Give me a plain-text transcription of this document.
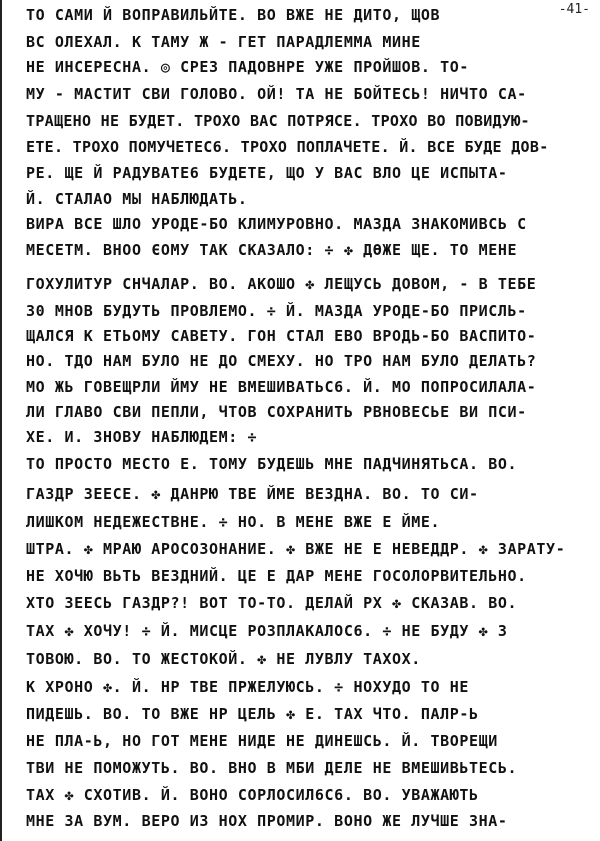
-41-
ТО САМИ Й ВОПРАВИЛЬЙТЕ. ВО ВЖЕ НЕ ДИТО, ЩОВ
ВС ОЛЕХАЛ. К ТАМУ Ж - ГЕТ ПАРАДЛЕММА МИНЕ
НЕ ИНСЕРЕСНА. ◎ СРЕЗ ПАДОВНРЕ УЖЕ ПРОЙШОВ. ТО-
МУ - МАСТИТ СВИ ГОЛОВО. ОЙ! ТА НЕ БОЙТЕСЬ! НИЧТО СА-
ТРАЩЕНО НЕ БУДЕТ. ТРОХО ВАС ПОТРЯСЕ. ТРОХО ВО ПОВИДУЮ-
ЕТЕ. ТРОХО ПОМУЧЕТЕС6. ТРОХО ПОПЛАЧЕТЕ. Й. ВСЕ БУДЕ ДОВ-
РЕ. ЩЕ Й РАДУВАТЕ6 БУДЕТЕ, ЩО У ВАС ВЛО ЦЕ ИСПЫТА-
Й. СТАЛАО МЫ НАБЛЮДАТЬ.
ВИРА ВСЕ ШЛО УРОДЕ-БО КЛИМУРОВНО. МАЗДА ЗНАКОМИВСЬ С
МЕСЕТМ. ВНОО ЄОМУ ТАК СКАЗАЛО: ÷ ✤ ДӨЖЕ ЩЕ. ТО МЕНЕ
ГОХУЛИТУР СНЧАЛАР. ВО. АКОШО ✤ ЛЕЩУСЬ ДОВОМ, - В ТЕБЕ
30 МНОВ БУДУТЬ ПРОВЛЕМО. ÷ Й. МАЗДА УРОДЕ-БО ПРИСЛЬ-
ЩАЛСЯ К ЕТЬОМУ САВЕТУ. ГОН СТАЛ ЕВО ВРОДЬ-БО ВАСПИТО-
НО. ТДО НАМ БУЛО НЕ ДО СМЕХУ. НО ТРО НАМ БУЛО ДЕЛАТЬ?
МО ЖЬ ГОВЕЩРЛИ ЙМУ НЕ ВМЕШИВАТЬС6. Й. МО ПОПРОСИЛАЛА-
ЛИ ГЛАВО СВИ ПЕПЛИ, ЧТОВ СОХРАНИТЬ РВНОВЕСЬЕ ВИ ПСИ-
ХЕ. И. ЗНОВУ НАБЛЮДЕМ: ÷
ТО ПРОСТО МЕСТО Е. ТОМУ БУДЕШЬ МНЕ ПАДЧИНЯТЬСА. ВО.
ГАЗДР ЗЕЕСЕ. ✤ ДАНРЮ ТВЕ ЙМЕ ВЕЗДНА. ВО. ТО СИ-
ЛИШКОМ НЕДЕЖЕСТВНЕ. ÷ НО. В МЕНЕ ВЖЕ Е ЙМЕ.
ШТРА. ✤ МРАЮ АРОСОЗОНАНИЕ. ✤ ВЖЕ НЕ Е НЕВЕДДР. ✤ ЗАРАТУ-
НЕ ХОЧЮ ВЬТЬ ВЕЗДНИЙ. ЦЕ Е ДАР МЕНЕ ГОСОЛОРВИТЕЛЬНО.
ХТО ЗЕЕСЬ ГАЗДР?! ВОТ ТО-ТО. ДЕЛАЙ РХ ✤ СКАЗАВ. ВО.
ТАХ ✤ ХОЧУ! ÷ Й. МИСЦЕ РОЗПЛАКАЛОС6. ÷ НЕ БУДУ ✤ З
ТОВОЮ. ВО. ТО ЖЕСТОКОЙ. ✤ НЕ ЛУВЛУ ТАХОХ.
К ХРОНО ✤. Й. НР ТВЕ ПРЖЕЛУЮСЬ. ÷ НОХУДО ТО НЕ
ПИДЕШЬ. ВО. ТО ВЖЕ НР ЦЕЛЬ ✤ Е. ТАХ ЧТО. ПАЛР-Ь
НЕ ПЛА-Ь, НО ГОТ МЕНЕ НИДЕ НЕ ДИНЕШСЬ. Й. ТВОРЕЩИ
ТВИ НЕ ПОМОЖУТЬ. ВО. ВНО В МБИ ДЕЛЕ НЕ ВМЕШИВЬТЕСЬ.
ТАХ ✤ СХОТИВ. Й. ВОНО СОРЛОСИЛ6С6. ВО. УВАЖАЮТЬ
МНЕ ЗА ВУМ. ВЕРО ИЗ НОХ ПРОМИР. ВОНО ЖЕ ЛУЧШЕ ЗНА-
